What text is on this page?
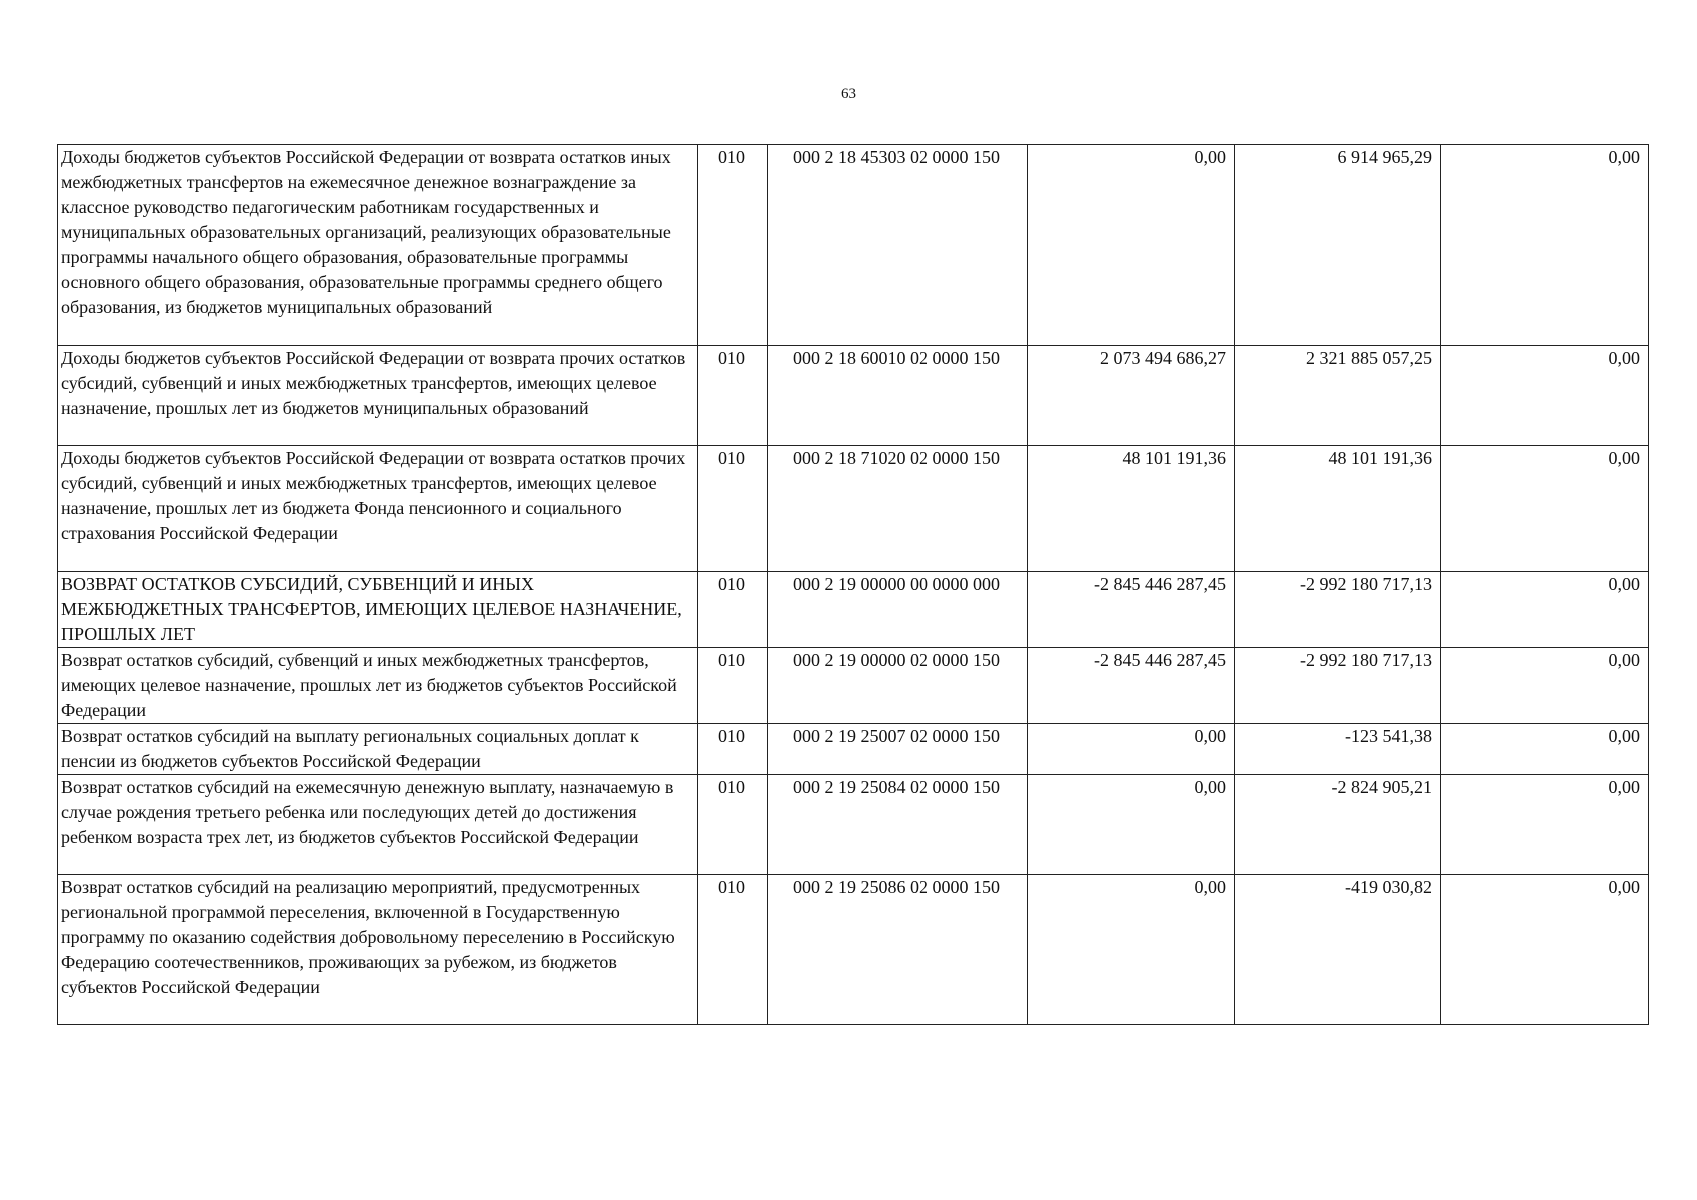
63
Доходы бюджетов субъектов Российской Федерации от возврата остатков иных межбюджетных трансфертов на ежемесячное денежное вознаграждение за классное руководство педагогическим работникам государственных и муниципальных образовательных организаций, реализующих образовательные программы начального общего образования, образовательные программы основного общего образования, образовательные программы среднего общего образования, из бюджетов муниципальных образований	010	000 2 18 45303 02 0000 150	0,00	6 914 965,29	0,00
Доходы бюджетов субъектов Российской Федерации от возврата прочих остатков субсидий, субвенций и иных межбюджетных трансфертов, имеющих целевое назначение, прошлых лет из бюджетов муниципальных образований	010	000 2 18 60010 02 0000 150	2 073 494 686,27	2 321 885 057,25	0,00
Доходы бюджетов субъектов Российской Федерации от возврата остатков прочих субсидий, субвенций и иных межбюджетных трансфертов, имеющих целевое назначение, прошлых лет из бюджета Фонда пенсионного и социального страхования Российской Федерации	010	000 2 18 71020 02 0000 150	48 101 191,36	48 101 191,36	0,00
ВОЗВРАТ ОСТАТКОВ СУБСИДИЙ, СУБВЕНЦИЙ И ИНЫХ МЕЖБЮДЖЕТНЫХ ТРАНСФЕРТОВ, ИМЕЮЩИХ ЦЕЛЕВОЕ НАЗНАЧЕНИЕ, ПРОШЛЫХ ЛЕТ	010	000 2 19 00000 00 0000 000	-2 845 446 287,45	-2 992 180 717,13	0,00
Возврат остатков субсидий, субвенций и иных межбюджетных трансфертов, имеющих целевое назначение, прошлых лет из бюджетов субъектов Российской Федерации	010	000 2 19 00000 02 0000 150	-2 845 446 287,45	-2 992 180 717,13	0,00
Возврат остатков субсидий на выплату региональных социальных доплат к пенсии из бюджетов субъектов Российской Федерации	010	000 2 19 25007 02 0000 150	0,00	-123 541,38	0,00
Возврат остатков субсидий на ежемесячную денежную выплату, назначаемую в случае рождения третьего ребенка или последующих детей до достижения ребенком возраста трех лет, из бюджетов субъектов Российской Федерации	010	000 2 19 25084 02 0000 150	0,00	-2 824 905,21	0,00
Возврат остатков субсидий на реализацию мероприятий, предусмотренных региональной программой переселения, включенной в Государственную программу по оказанию содействия добровольному переселению в Российскую Федерацию соотечественников, проживающих за рубежом, из бюджетов субъектов Российской Федерации	010	000 2 19 25086 02 0000 150	0,00	-419 030,82	0,00
